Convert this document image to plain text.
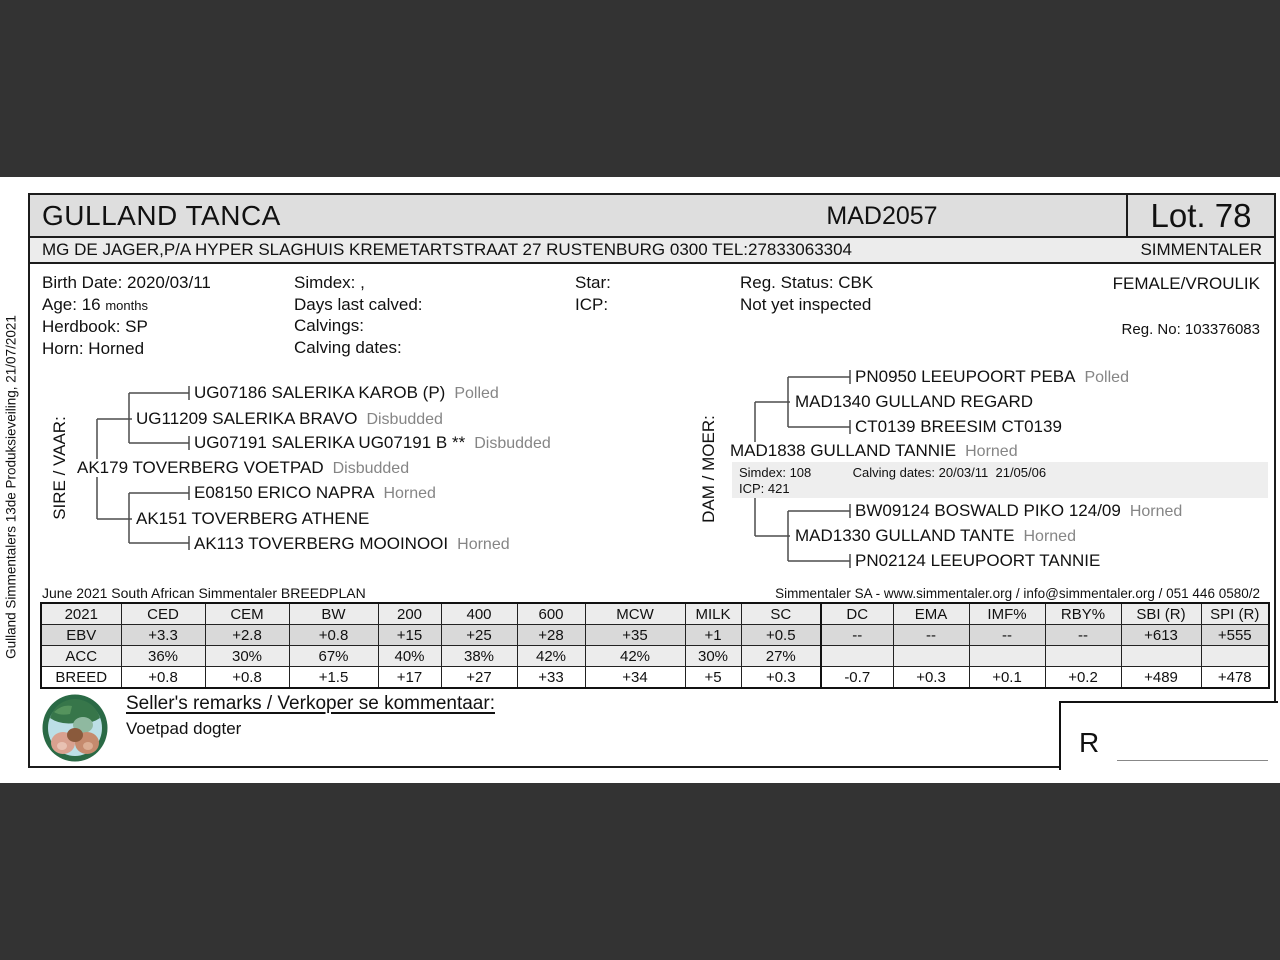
Gulland Simmentalers 13de Produksieveiling, 21/07/2021
GULLAND TANCA	MAD2057	Lot. 78
MG DE JAGER,P/A HYPER SLAGHUIS KREMETARTSTRAAT 27 RUSTENBURG 0300 TEL:27833063304	SIMMENTALER
Birth Date: 2020/03/11
Age: 16 months
Herdbook: SP
Horn: Horned
Simdex: ,
Days last calved:
Calvings:
Calving dates:
Star:
ICP:
Reg. Status: CBK
Not yet inspected
FEMALE/VROULIK
Reg. No: 103376083
SIRE / VAAR:	DAM / MOER:
UG07186 SALERIKA KAROB (P) Polled
UG11209 SALERIKA BRAVO Disbudded
UG07191 SALERIKA UG07191 B ** Disbudded
AK179 TOVERBERG VOETPAD Disbudded
E08150 ERICO NAPRA Horned
AK151 TOVERBERG ATHENE
AK113 TOVERBERG MOOINOOI Horned
PN0950 LEEUPOORT PEBA Polled
MAD1340 GULLAND REGARD
CT0139 BREESIM CT0139
MAD1838 GULLAND TANNIE Horned
Simdex: 108	Calving dates: 20/03/11  21/05/06
ICP: 421
BW09124 BOSWALD PIKO 124/09 Horned
MAD1330 GULLAND TANTE Horned
PN02124 LEEUPOORT TANNIE
June 2021 South African Simmentaler BREEDPLAN	Simmentaler SA - www.simmentaler.org / info@simmentaler.org / 051 446 0580/2
2021	CED	CEM	BW	200	400	600	MCW	MILK	SC	DC	EMA	IMF%	RBY%	SBI (R)	SPI (R)
EBV	+3.3	+2.8	+0.8	+15	+25	+28	+35	+1	+0.5	--	--	--	--	+613	+555
ACC	36%	30%	67%	40%	38%	42%	42%	30%	27%						
BREED	+0.8	+0.8	+1.5	+17	+27	+33	+34	+5	+0.3	-0.7	+0.3	+0.1	+0.2	+489	+478
Seller's remarks / Verkoper se kommentaar:
Voetpad dogter	R
